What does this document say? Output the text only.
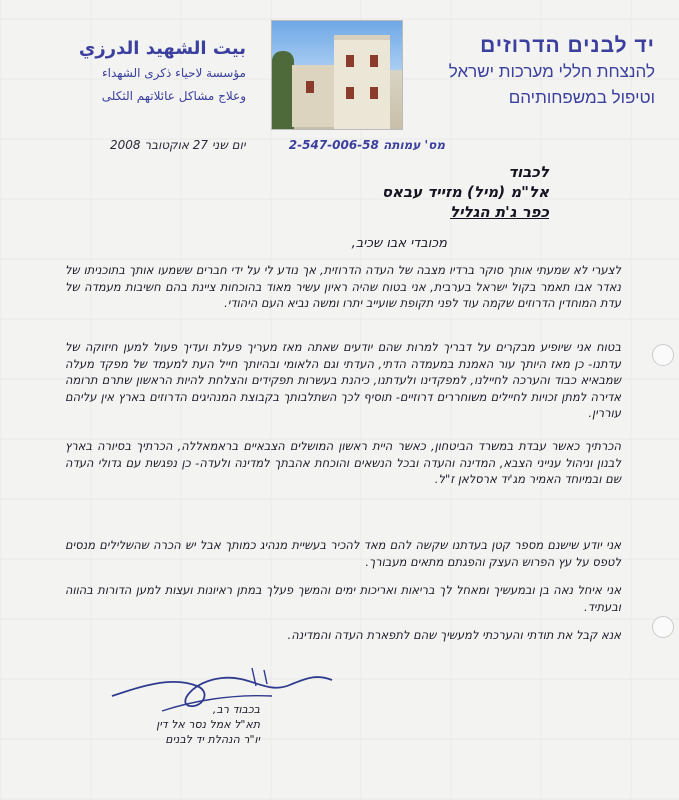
יד לבנים הדרוזים
להנצחת חללי מערכות ישראל
וטיפול במשפחותיהם
بيت الشهيد الدرزي
مؤسسة لاحياء ذكرى الشهداء
وعلاج مشاكل عائلاتهم الثكلى
מס' עמותה 2-547-006-58
יום שני 27 אוקטובר 2008
לכבוד
אל"מ (מיל) מזייד עבאס
כפר ג'ת הגליל
מכובדי אבו שכיב,
לצערי לא שמעתי אותך סוקר ברדיו מצבה של העדה הדרוזית, אך נודע לי על ידי חברים ששמעו אותך בתוכניתו של נאדר אבו תאמר בקול ישראל בערבית, אני בטוח שהיה ראיון עשיר מאוד בהוכחות ציינת בהם חשיבות מעמדה של עדת המוחדין הדרוזים שקמה עוד לפני תקופת שועייב יתרו ומשה נביא העם היהודי.
בטוח אני שיופיע מבקרים על דבריך למרות שהם יודעים שאתה מאז מעריך פעלת ועדיך פעול למען חיזוקה של עדתנו- כן מאז היותך עור האמנת במעמדה הדתי, העדתי וגם הלאומי ובהיותך חייל העת למעמד של מפקד מעלה שמבאיא כבוד והערכה לחיילנו, למפקדינו ולעדתנו, כיהנת בעשרות תפקידים והצלחת להיות הראשון שתרם תרומה אדירה למתן זכויות לחיילים משוחררים דרוזיים- תוסיף לכך השתלבותך בקבוצת המנהיגים הדרוזים בארץ אין עליהם עוררין.
הכרתיך כאשר עבדת במשרד הביטחון, כאשר היית ראשון המושלים הצבאיים בראמאללה, הכרתיך בסיורה בארץ לבנון וניהול ענייני הצבא, המדינה והעדה ובכל הנשאים והוכחת אהבתך למדינה ולעדה- כן נפגשת עם גדולי העדה שם ובמיוחד האמיר מג'יד ארסלאן ז"ל.
אני יודע שישנם מספר קטן בעדתנו שקשה להם מאד להכיר בעשיית מנהיג כמותך אבל יש הכרה שהשלילים מנסים לטפס על עץ הפרוש העצק והפגתם מתאים מעבורך.
אני איחל נאה בן ובמעשיך ומאחל לך בריאות ואריכות ימים והמשך פעלך במתן ראיונות ועצות למען הדורות בהווה ובעתיד.
אנא קבל את תודתי והערכתי למעשיך שהם לתפארת העדה והמדינה.
בכבוד רב,
תא"ל אמל נסר אל דין
יו"ר הנהלת יד לבנים
